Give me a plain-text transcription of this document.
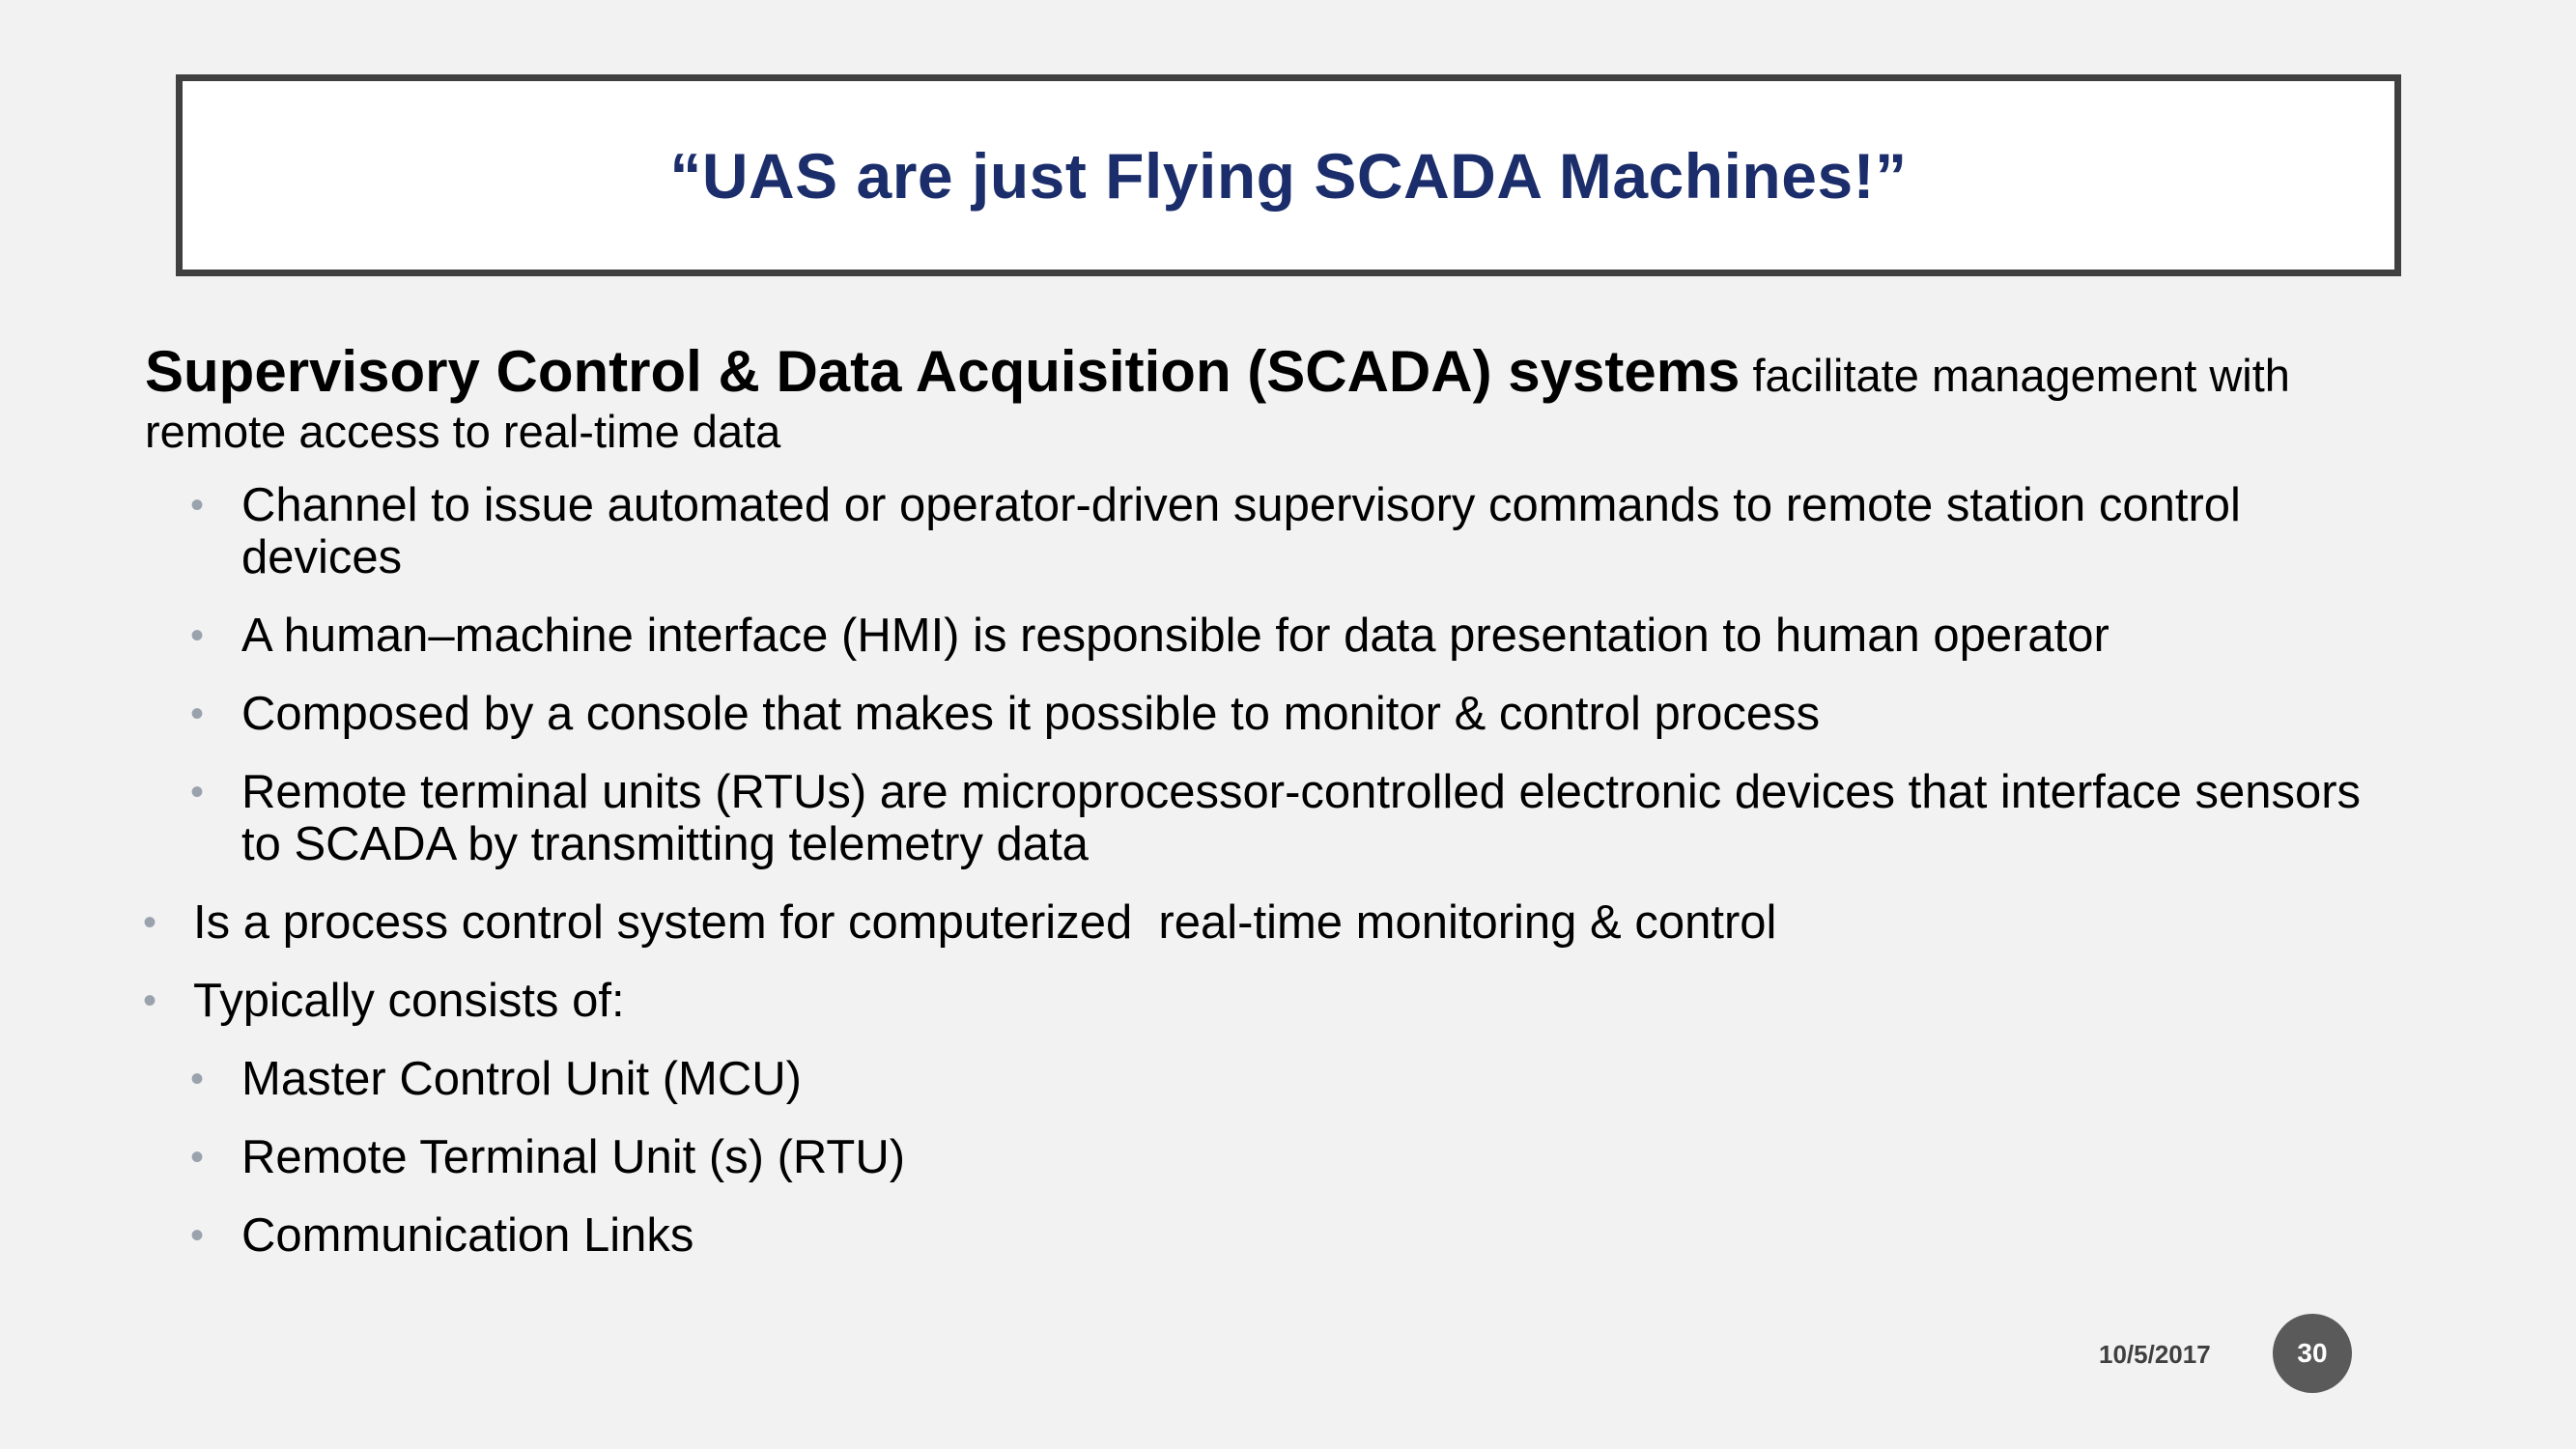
“UAS are just Flying SCADA Machines!”

Supervisory Control & Data Acquisition (SCADA) systems facilitate management with remote access to real-time data

• Channel to issue automated or operator-driven supervisory commands to remote station control devices
• A human–machine interface (HMI) is responsible for data presentation to human operator
• Composed by a console that makes it possible to monitor & control process
• Remote terminal units (RTUs) are microprocessor-controlled electronic devices that interface sensors to SCADA by transmitting telemetry data
• Is a process control system for computerized  real-time monitoring & control
• Typically consists of:
• Master Control Unit (MCU)
• Remote Terminal Unit (s) (RTU)
• Communication Links
10/5/2017	30
